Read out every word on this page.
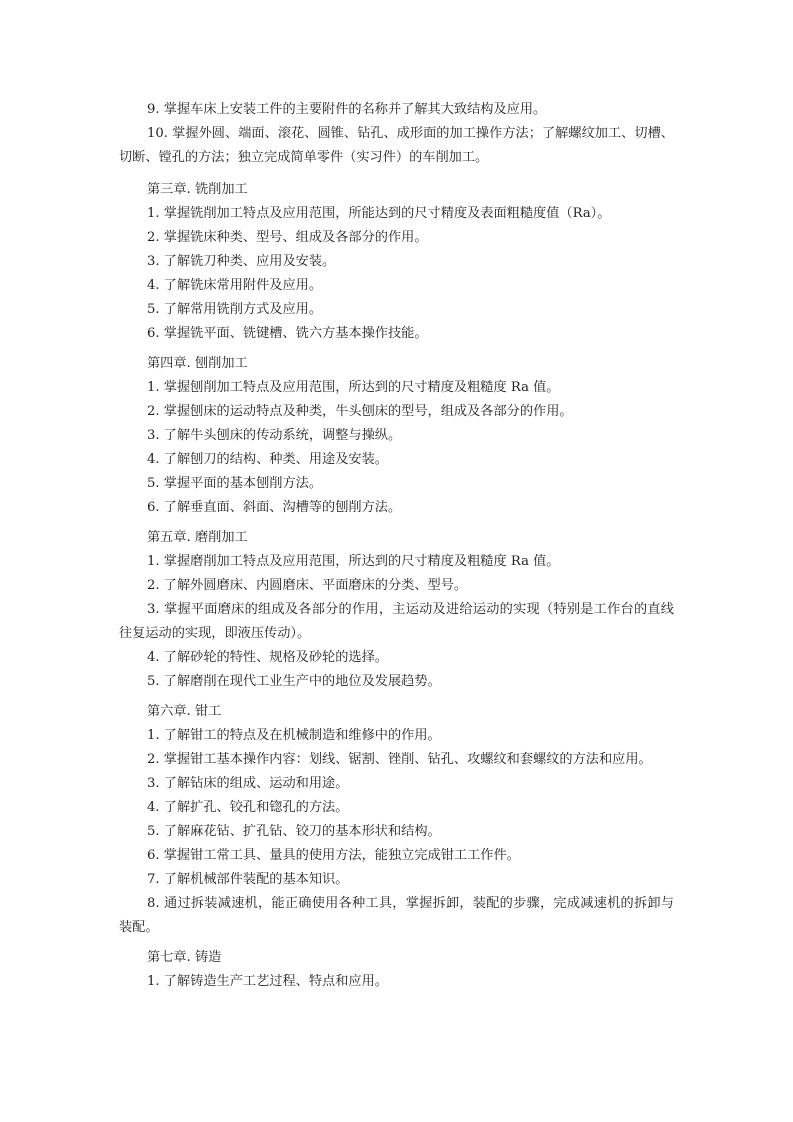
9. 掌握车床上安装工件的主要附件的名称并了解其大致结构及应用。

10. 掌握外圆、端面、滚花、圆锥、钻孔、成形面的加工操作方法；了解螺纹加工、切槽、切断、镗孔的方法；独立完成简单零件（实习件）的车削加工。

第三章. 铣削加工

1. 掌握铣削加工特点及应用范围，所能达到的尺寸精度及表面粗糙度值（Ra）。

2. 掌握铣床种类、型号、组成及各部分的作用。

3. 了解铣刀种类、应用及安装。

4. 了解铣床常用附件及应用。

5. 了解常用铣削方式及应用。

6. 掌握铣平面、铣键槽、铣六方基本操作技能。

第四章. 刨削加工

1. 掌握刨削加工特点及应用范围，所达到的尺寸精度及粗糙度 Ra 值。

2. 掌握刨床的运动特点及种类，牛头刨床的型号，组成及各部分的作用。

3. 了解牛头刨床的传动系统，调整与操纵。

4. 了解刨刀的结构、种类、用途及安装。

5. 掌握平面的基本刨削方法。

6. 了解垂直面、斜面、沟槽等的刨削方法。

第五章. 磨削加工

1. 掌握磨削加工特点及应用范围，所达到的尺寸精度及粗糙度 Ra 值。

2. 了解外圆磨床、内圆磨床、平面磨床的分类、型号。

3. 掌握平面磨床的组成及各部分的作用，主运动及进给运动的实现（特别是工作台的直线往复运动的实现，即液压传动）。

4. 了解砂轮的特性、规格及砂轮的选择。

5. 了解磨削在现代工业生产中的地位及发展趋势。

第六章. 钳工

1. 了解钳工的特点及在机械制造和维修中的作用。

2. 掌握钳工基本操作内容：划线、锯割、锉削、钻孔、攻螺纹和套螺纹的方法和应用。

3. 了解钻床的组成、运动和用途。

4. 了解扩孔、铰孔和锪孔的方法。

5. 了解麻花钻、扩孔钻、铰刀的基本形状和结构。

6. 掌握钳工常工具、量具的使用方法，能独立完成钳工工作件。

7. 了解机械部件装配的基本知识。

8. 通过拆装减速机，能正确使用各种工具，掌握拆卸，装配的步骤，完成减速机的拆卸与装配。

第七章. 铸造

1. 了解铸造生产工艺过程、特点和应用。
